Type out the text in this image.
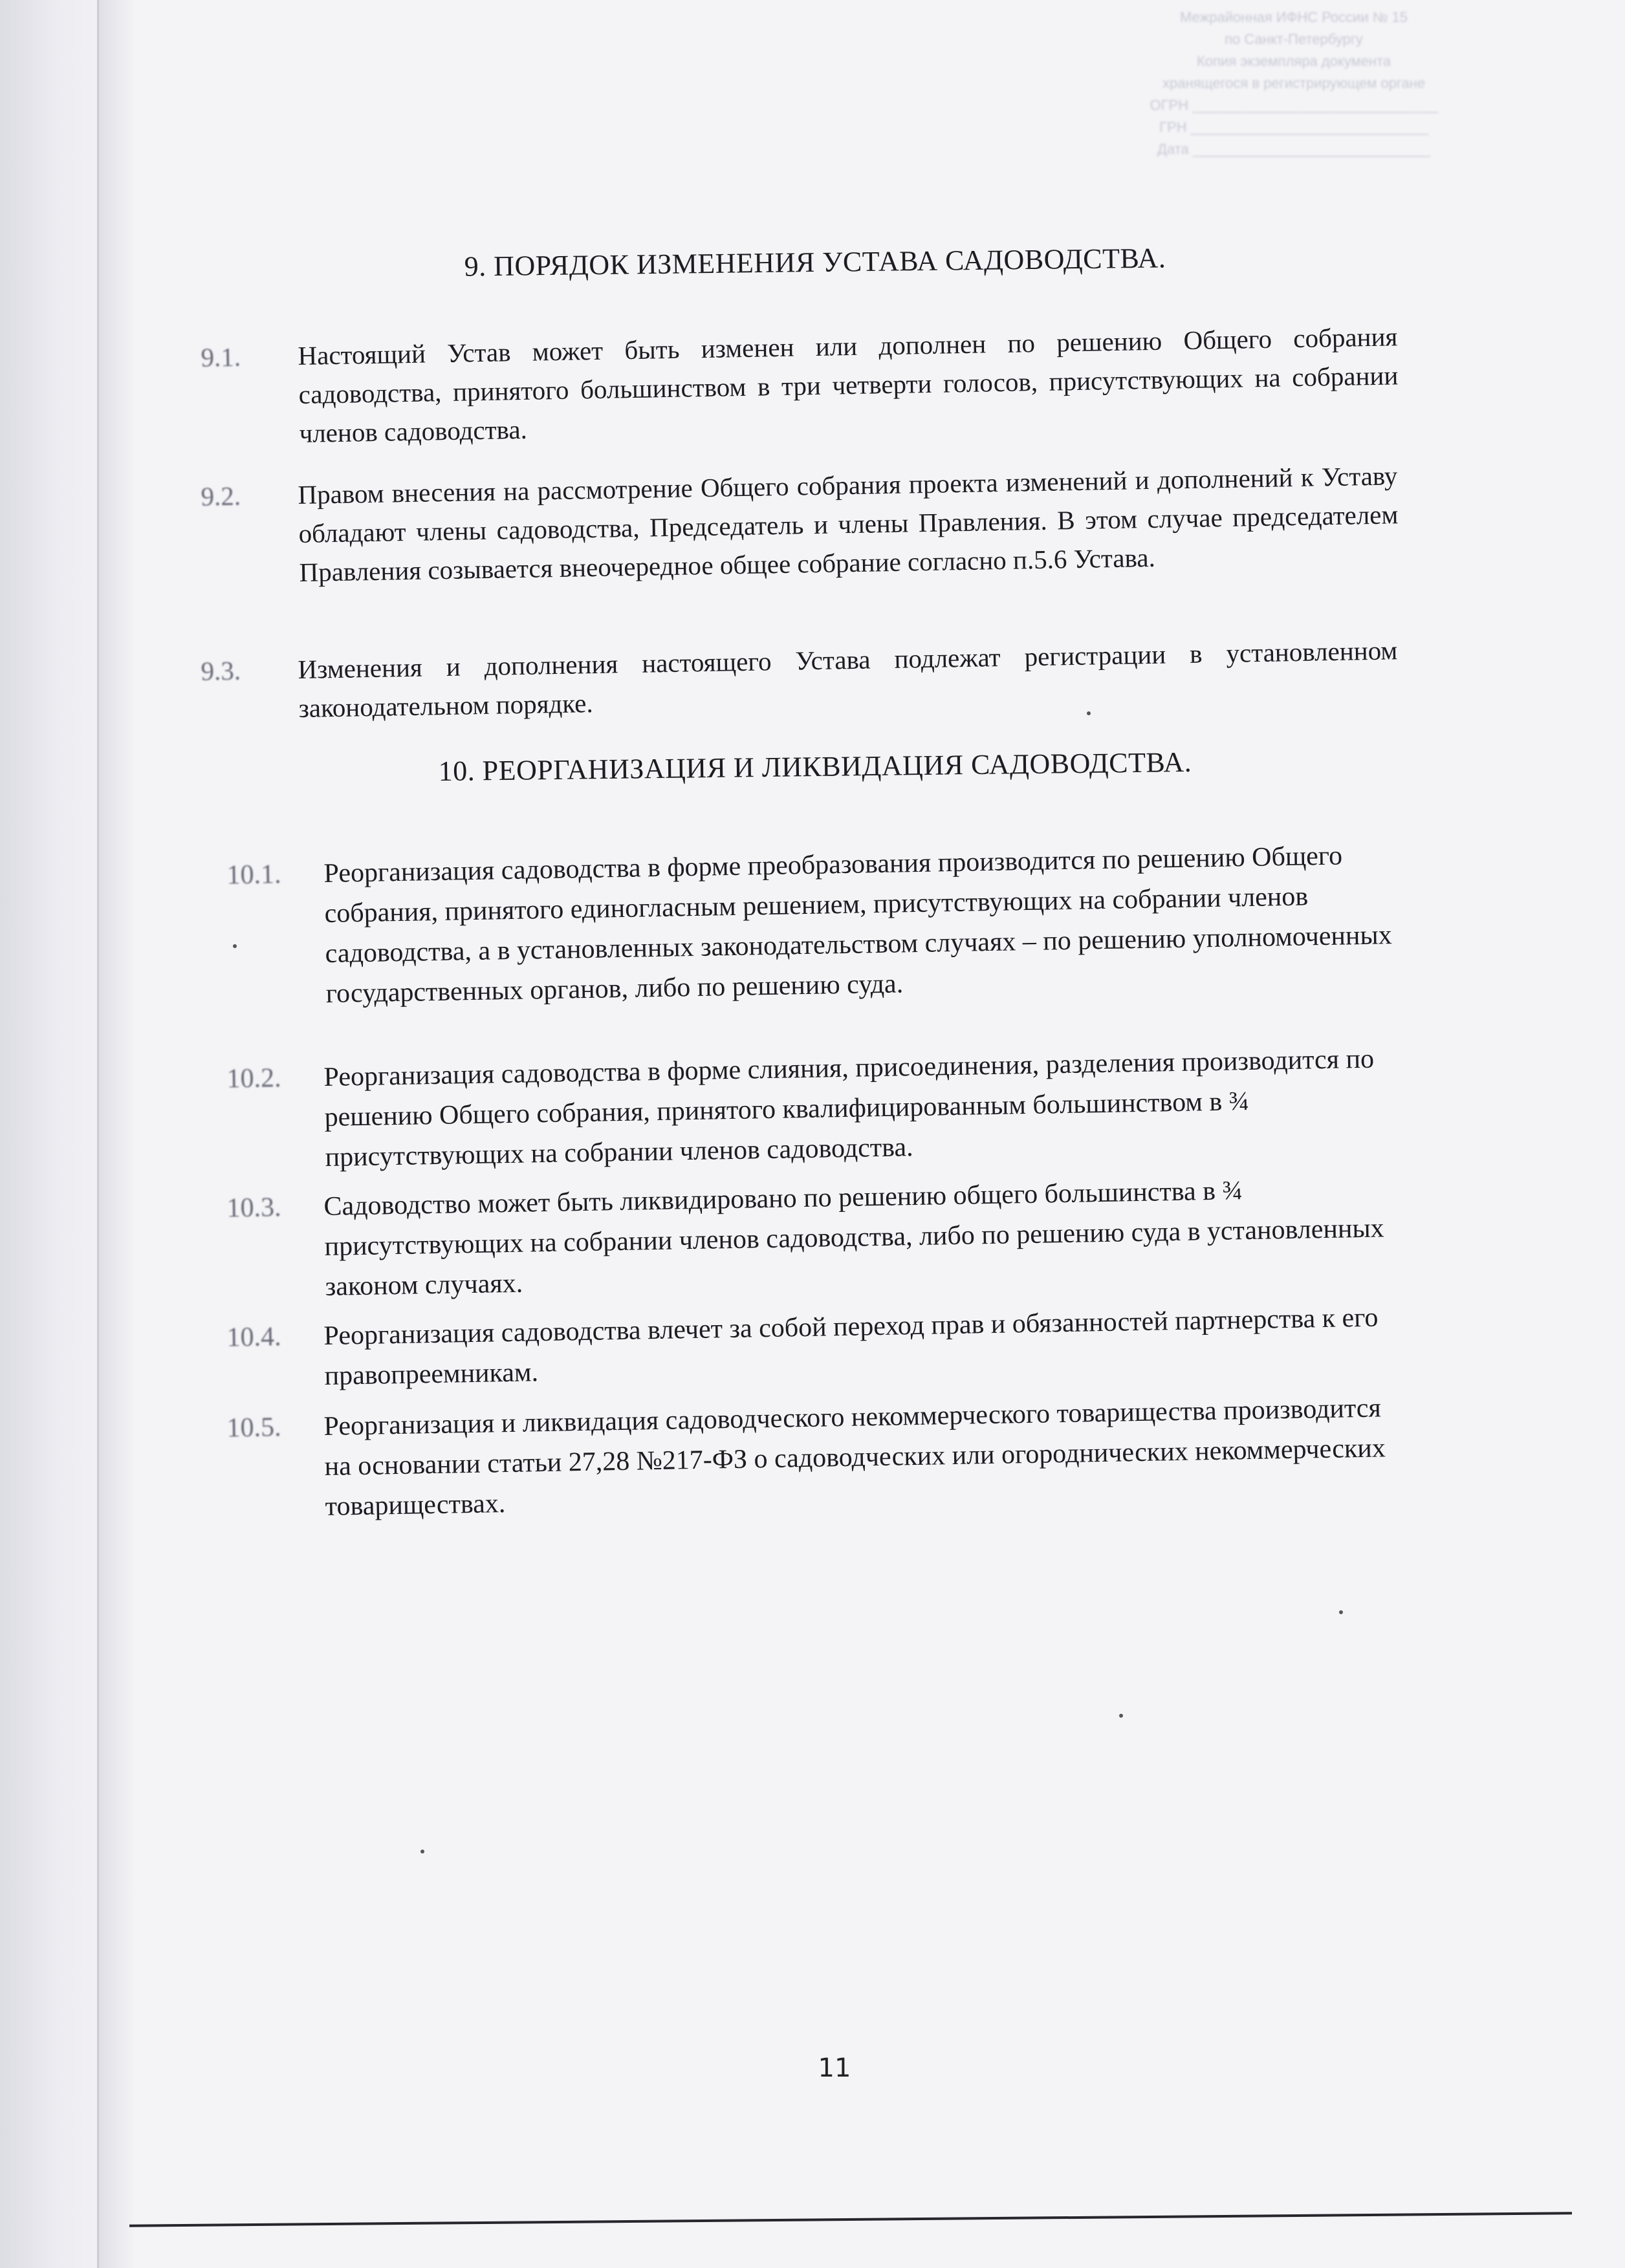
Межрайонная ИФНС России № 15
по Санкт-Петербургу
Копия экземпляра документа
хранящегося в регистрирующем органе
ОГРН _______________________________
ГРН ______________________________
Дата ______________________________
9. ПОРЯДОК ИЗМЕНЕНИЯ УСТАВА САДОВОДСТВА.
9.1. Настоящий Устав может быть изменен или дополнен по решению Общего собрания садоводства, принятого большинством в три четверти голосов, присутствующих на собрании членов садоводства.
9.2. Правом внесения на рассмотрение Общего собрания проекта изменений и дополнений к Уставу обладают члены садоводства, Председатель и члены Правления. В этом случае председателем Правления созывается внеочередное общее собрание согласно п.5.6 Устава.
9.3. Изменения и дополнения настоящего Устава подлежат регистрации в установленном законодательном порядке.
10. РЕОРГАНИЗАЦИЯ И ЛИКВИДАЦИЯ САДОВОДСТВА.
10.1. Реорганизация садоводства в форме преобразования производится по решению Общего собрания, принятого единогласным решением, присутствующих на собрании членов садоводства, а в установленных законодательством случаях – по решению уполномоченных государственных органов, либо по решению суда.
10.2. Реорганизация садоводства в форме слияния, присоединения, разделения производится по решению Общего собрания, принятого квалифицированным большинством в ¾ присутствующих на собрании членов садоводства.
10.3. Садоводство может быть ликвидировано по решению общего большинства в ¾ присутствующих на собрании членов садоводства, либо по решению суда в установленных законом случаях.
10.4. Реорганизация садоводства влечет за собой переход прав и обязанностей партнерства к его правопреемникам.
10.5. Реорганизация и ликвидация садоводческого некоммерческого товарищества производится на основании статьи 27,28 №217-ФЗ о садоводческих или огороднических некоммерческих товариществах.
11
